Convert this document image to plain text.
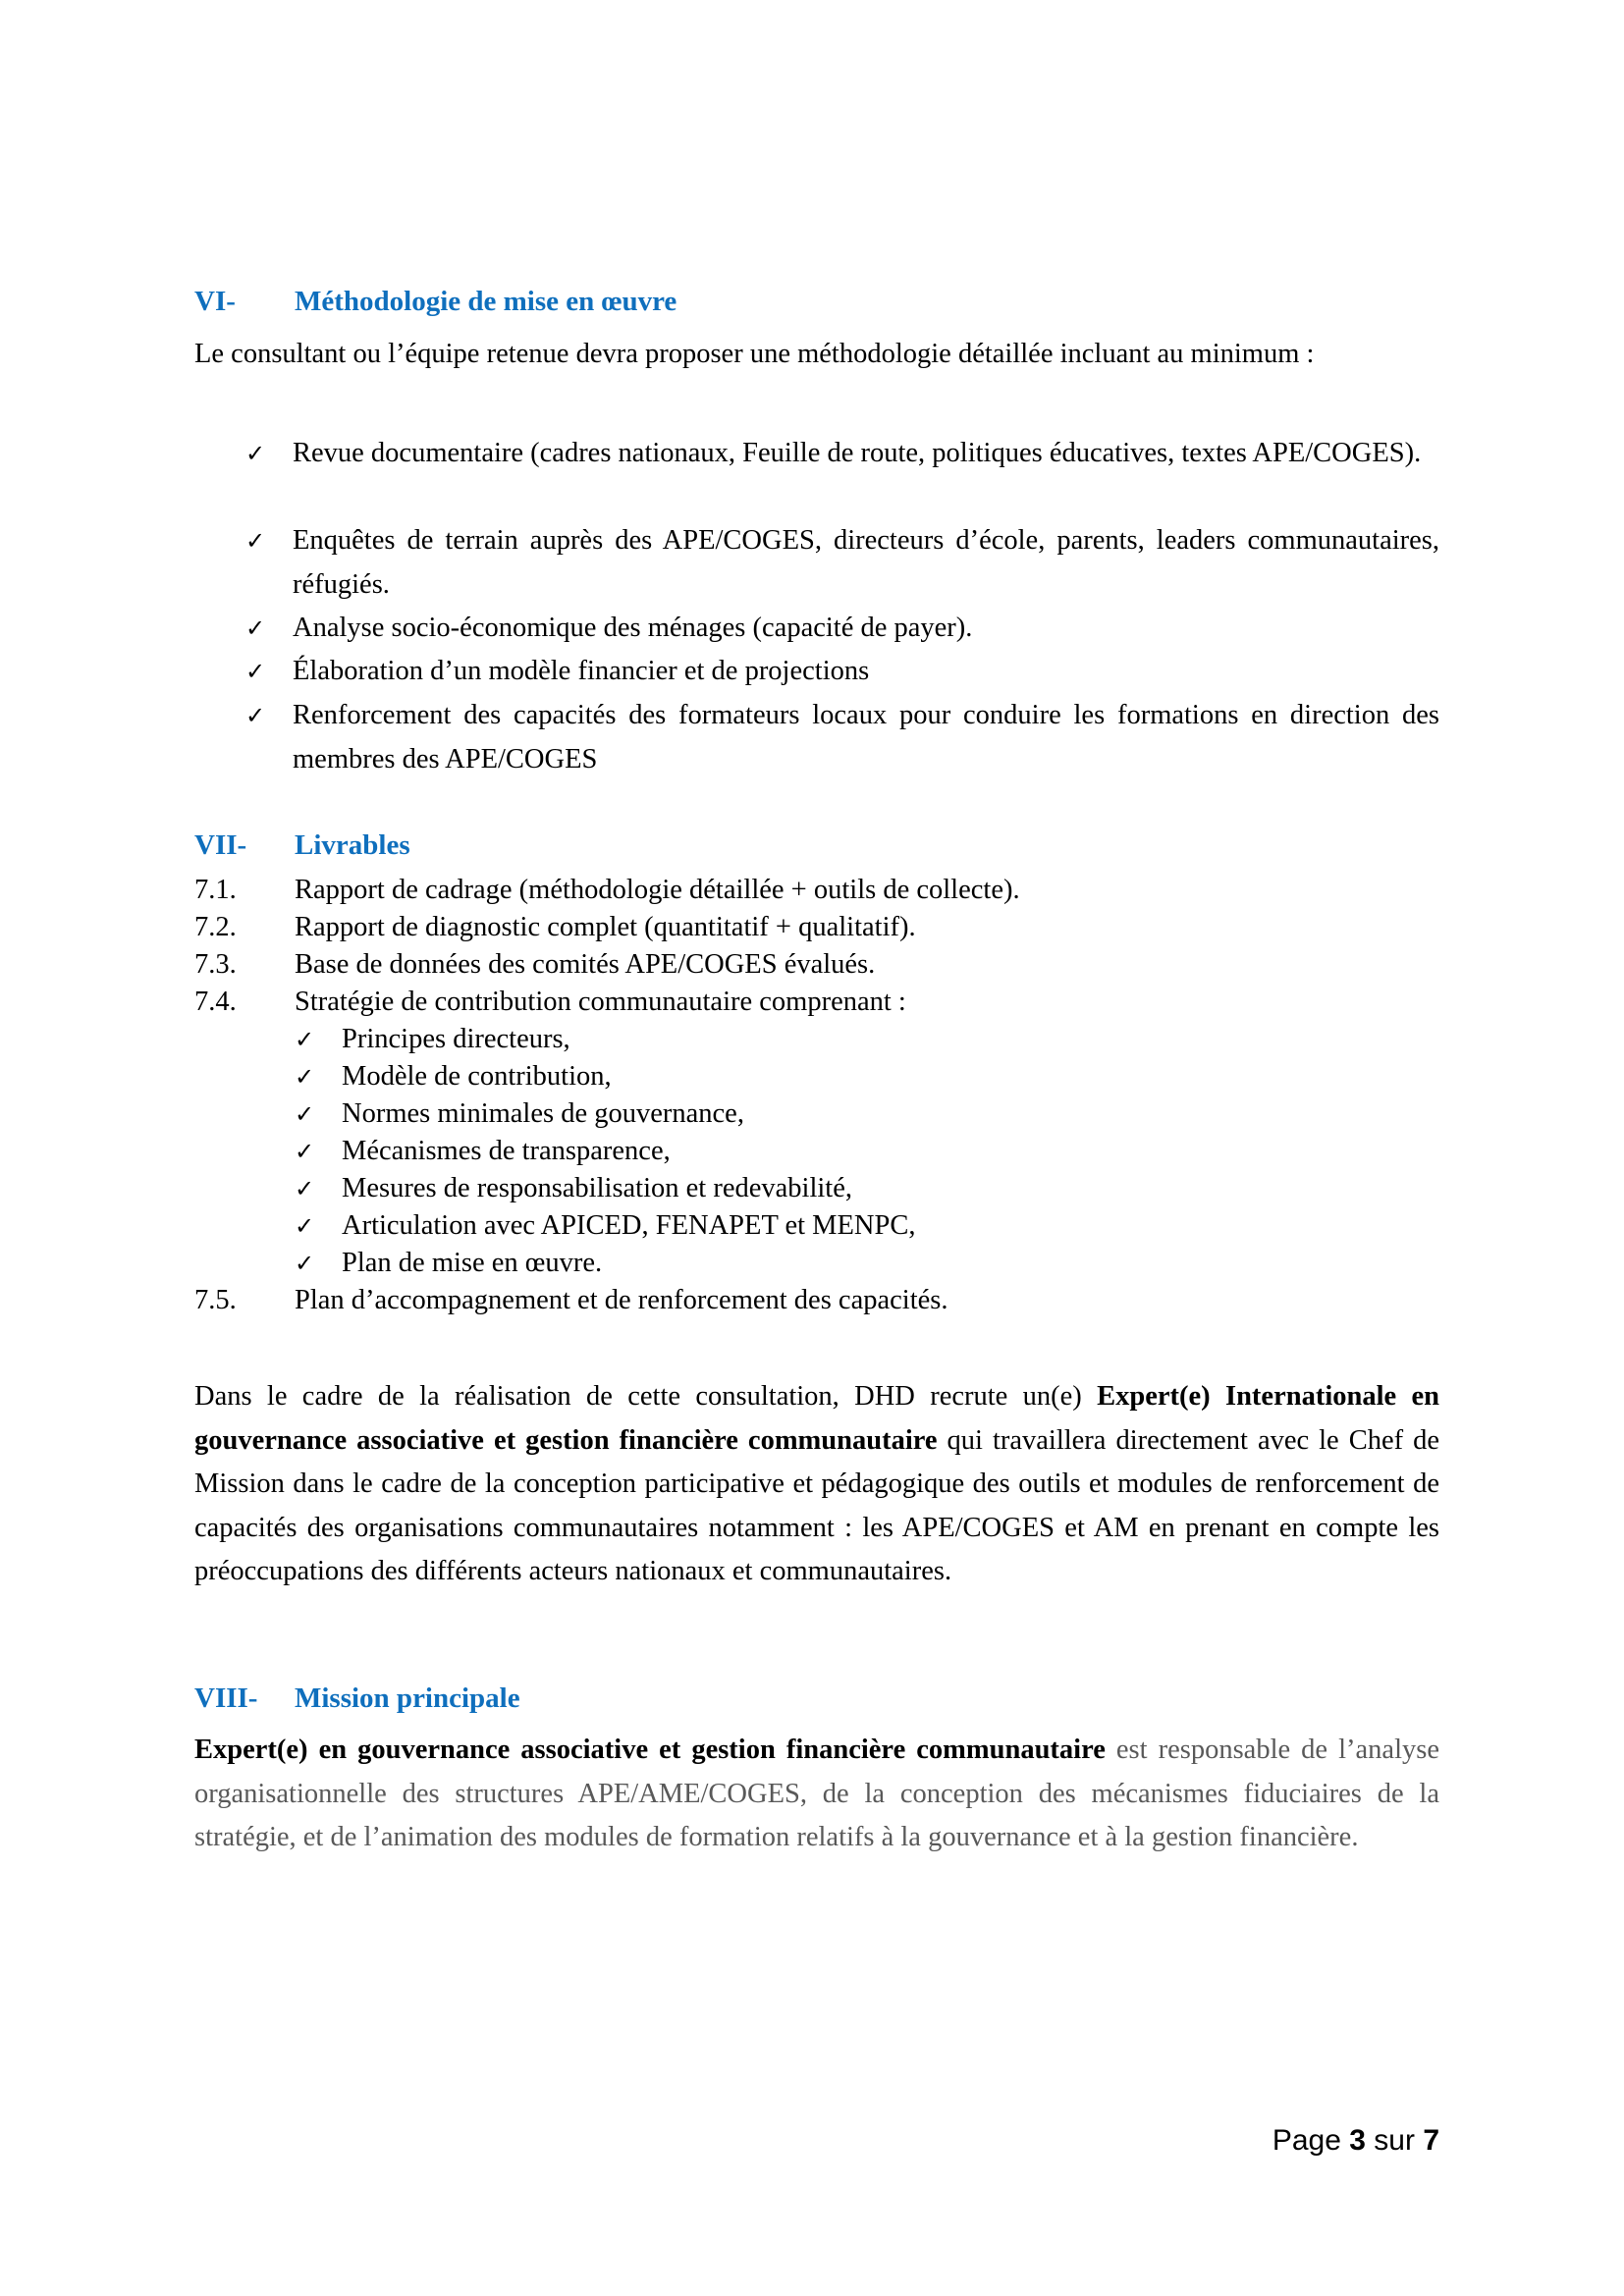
VI- Méthodologie de mise en œuvre
Le consultant ou l’équipe retenue devra proposer une méthodologie détaillée incluant au minimum :
✓ Revue documentaire (cadres nationaux, Feuille de route, politiques éducatives, textes APE/COGES).
✓ Enquêtes de terrain auprès des APE/COGES, directeurs d’école, parents, leaders communautaires, réfugiés.
✓ Analyse socio-économique des ménages (capacité de payer).
✓ Élaboration d’un modèle financier et de projections
✓ Renforcement des capacités des formateurs locaux pour conduire les formations en direction des membres des APE/COGES
VII- Livrables
7.1. Rapport de cadrage (méthodologie détaillée + outils de collecte).
7.2. Rapport de diagnostic complet (quantitatif + qualitatif).
7.3. Base de données des comités APE/COGES évalués.
7.4. Stratégie de contribution communautaire comprenant :
✓ Principes directeurs,
✓ Modèle de contribution,
✓ Normes minimales de gouvernance,
✓ Mécanismes de transparence,
✓ Mesures de responsabilisation et redevabilité,
✓ Articulation avec APICED, FENAPET et MENPC,
✓ Plan de mise en œuvre.
7.5. Plan d’accompagnement et de renforcement des capacités.
Dans le cadre de la réalisation de cette consultation, DHD recrute un(e) Expert(e) Internationale en gouvernance associative et gestion financière communautaire qui travaillera directement avec le Chef de Mission dans le cadre de la conception participative et pédagogique des outils et modules de renforcement de capacités des organisations communautaires notamment : les APE/COGES et AM en prenant en compte les préoccupations des différents acteurs nationaux et communautaires.
VIII- Mission principale
Expert(e) en gouvernance associative et gestion financière communautaire est responsable de l’analyse organisationnelle des structures APE/AME/COGES, de la conception des mécanismes fiduciaires de la stratégie, et de l’animation des modules de formation relatifs à la gouvernance et à la gestion financière.
Page 3 sur 7
